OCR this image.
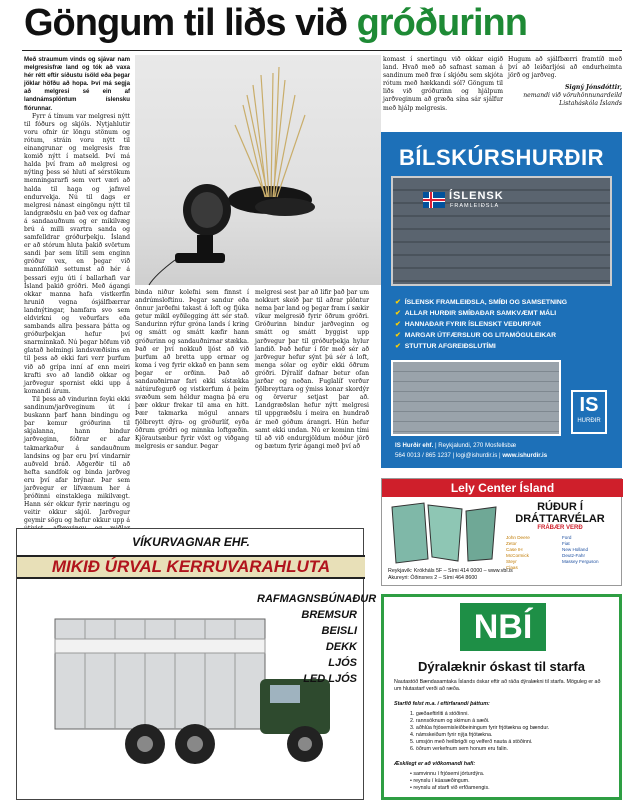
Göngum til liðs við gróðurinn

Með straumum vinds og sjávar nam melgresisfræ land og tók að vaxa hér rétt eftir síðustu ísöld eða þegar jöklar höfðu að hopa. Því má segja að melgresi sé ein af landnámsplöntum íslensku flórunnar.

Fyrr á tímum var melgresi nýtt til fóðurs og skjóls. Nytjahlutir voru ofnir úr löngu stönum og rótum, stráin voru nýtt til einangrunar og melgresis fræ komið nýtt í matseld. Því má halda því fram að melgresi og nýting þess sé hluti af sérstökum menningararfi sem vert væri að halda til haga og jafnvel endurvekja. Nú til dags er melgresi nánast eingöngu nýtt til landgræðslu en það vex og dafnar á sandaauðnum og er mikilvæg brú á milli svartra sanda og samfelldrar gróðurþekju. Ísland er að stórum hluta þakið svörtum sandi þar sem lítill sem enginn gróður vex, en þegar við mannfólkið settumst að hér á þessari eyju úti í ballarhafi var Ísland þakið gróðri. Með ágangi okkar manna hafa vistkerfin hrunið vegna ósjálfbærrar landnýtingar, hamfara svo sem eldvirkni og veðurfars eða sambands allra þessara þátta og gróðurþekjan hefur því snarminnkað. Nú þegar höfum við glatað helmingi landsvæðisins en til þess að ekki fari verr þurfum við að grípa inní af enn meiri krafti svo að landið okkar og jarðvegur spornist ekki upp á komandi árum.

Til þess að vindurinn feyki ekki sandinum/jarðveginum út í buskann þarf hann bindingu og þar kemur gróðurinn til skjalanna, hann bindur jarðveginn, fóðrar er afar takmarkaður á sandauðnum landsins og þar eru því vindarnir auðveld bráð. Aðgerðir til að hefta sandfok og binda jarðveg eru því afar brýnar. Þar sem jarðvegur er lífvænum her á þróðinni einstaklega mikilvægt. Hann sér okkur fyrir næringu og veitir okkur skjól. Jarðvegur geymir sögu og hefur okkur upp á

binda niður kolefni sem finnst í andrúmsloftinu. Þegar sandur eða önnur jarðefni takast á loft og fjúka getur mikil eyðilegging átt sér stað. Sandurinn rýfur gróna lands í kring og smátt og smátt kæfir hann gróðurinn og sandauðnirnar stækka. Það er því nokkuð ljóst að við þurfum að bretta upp ermar og koma í veg fyrir ekkað en þann sem þegar er orðinn. Það að sandauðnirnar fari ekki sístækka nátúrufegurð og vistkerfum á þeim svæðum sem héldur magna þá eru þær okkur frekar til ama en hitt. Þær takmarka mögul annars fjölbreytt dýra- og gróðurlíf, eyða öðrum gróðri og minnka loftgæðin. Kjörautsæbur fyrir vöxt og viðgang melgresis er sandur. Þegar

melgresi sest þar að lifir það þar um nokkurt skeið þar til aðrar plöntur nema þar land og þegar fram í sækir víkur melgresið fyrir öðrum gróðri. Gróðurinn bindur jarðveginn og smátt og smátt byggist upp jarðvegur þar til gróðurþekja hylur landið. Það hefur í för með sér að jarðvegur hefur sýnt þú sér á loft, menga sólar og eyðir ekki öðrum gróðri. Dýralíf dafnar betur ofan jarðar og neðan. Fuglalíf verður fjölbreyttara og ýmiss konar skordýr og örverur setjast þar að. Landgræðslan hefur nýtt melgresi til uppgræðslu í meira en hundrað ár með góðum árangri. Hún hefur samt ekki undan. Nú er kominn tími til að við endurgjöldum móður jörð og bætum fyrir ágangi með því að

komast í snertingu við okkar eigið land. Hvað með að safnast saman á sandinum með fræ í skjóðu sem skjóta rótum með hækkandi sól? Göngum til liðs við gróðurinn og hjálpum jarðveginum að græða sína sár sjálfur með hjálp melgresis.

Hugum að sjálfbærri framtíð með því að leiðarljósi að endurheimta jörð og jarðveg.

Signý Jónsdóttir,

nemandi við vöruhönnunardeild Listaháskóla Íslands

BÍLSKÚRSHURÐIR
ÍSLENSK
FRAMLEIÐSLA
✔ ÍSLENSK FRAMLEIÐSLA, SMÍÐI OG SAMSETNING
✔ ALLAR HURÐIR SMÍÐAÐAR SAMKVÆMT MÁLI
✔ HANNAÐAR FYRIR ÍSLENSKT VEÐURFAR
✔ MARGAR ÚTFÆRSLUR OG LITAMÖGULEIKAR
✔ STUTTUR AFGREIÐSLUTÍMI
IS
HURÐIR
IS Hurðir ehf. | Reykjalundi, 270 Mosfellsbæ
564 0013 / 865 1237 | logi@ishurdir.is | www.ishurdir.is
Lely Center Ísland
RÚÐUR Í
DRÁTTARVÉLAR
FRÁBÆR VERÐ
John Deere
Zetor
Case IH
McCormick
Steyr
Claas
Ford
Fiat
New Holland
Deutz-Fahr
Massey Ferguson
Reykjavík: Krókháls 5F – Sími 414 0000 – www.vbl.is
Akureyri: Óðinsnes 2 – Sími 464 8600
VÍKURVAGNAR EHF.
MIKIÐ ÚRVAL KERRUVARAHLUTA
RAFMAGNSBÚNAÐUR
BREMSUR
BEISLI
DEKK
LJÓS
LED LJÓS
NBÍ
Dýralæknir óskast til starfa
Nautastöð Bændasamtaka Íslands óskar eftir að ráða dýralækni til starfa. Möguleg er að um hlutastarf verði að ræða.
Starfið felst m.a. í eftirfarandi þáttum:
1. gæðaeftirliti á stöðinni.
2. rannsóknum og skimun á sæði.
3. aðhlúa frjósemisleiðbeiningum fyrir frjótækna og bændur.
4. námskeiðum fyrir nýja frjótækna.
5. umsjón með heilbrigði og velferð nauta á stöðinni.
6. öðrum verkefnum sem honum eru falin.
Æskilegt er að viðkomandi hafi:
• samvinnu í frjósemi jórturdýra.
• reynslu í kúasæðingum.
• reynslu af starfi við erfðamengis.
